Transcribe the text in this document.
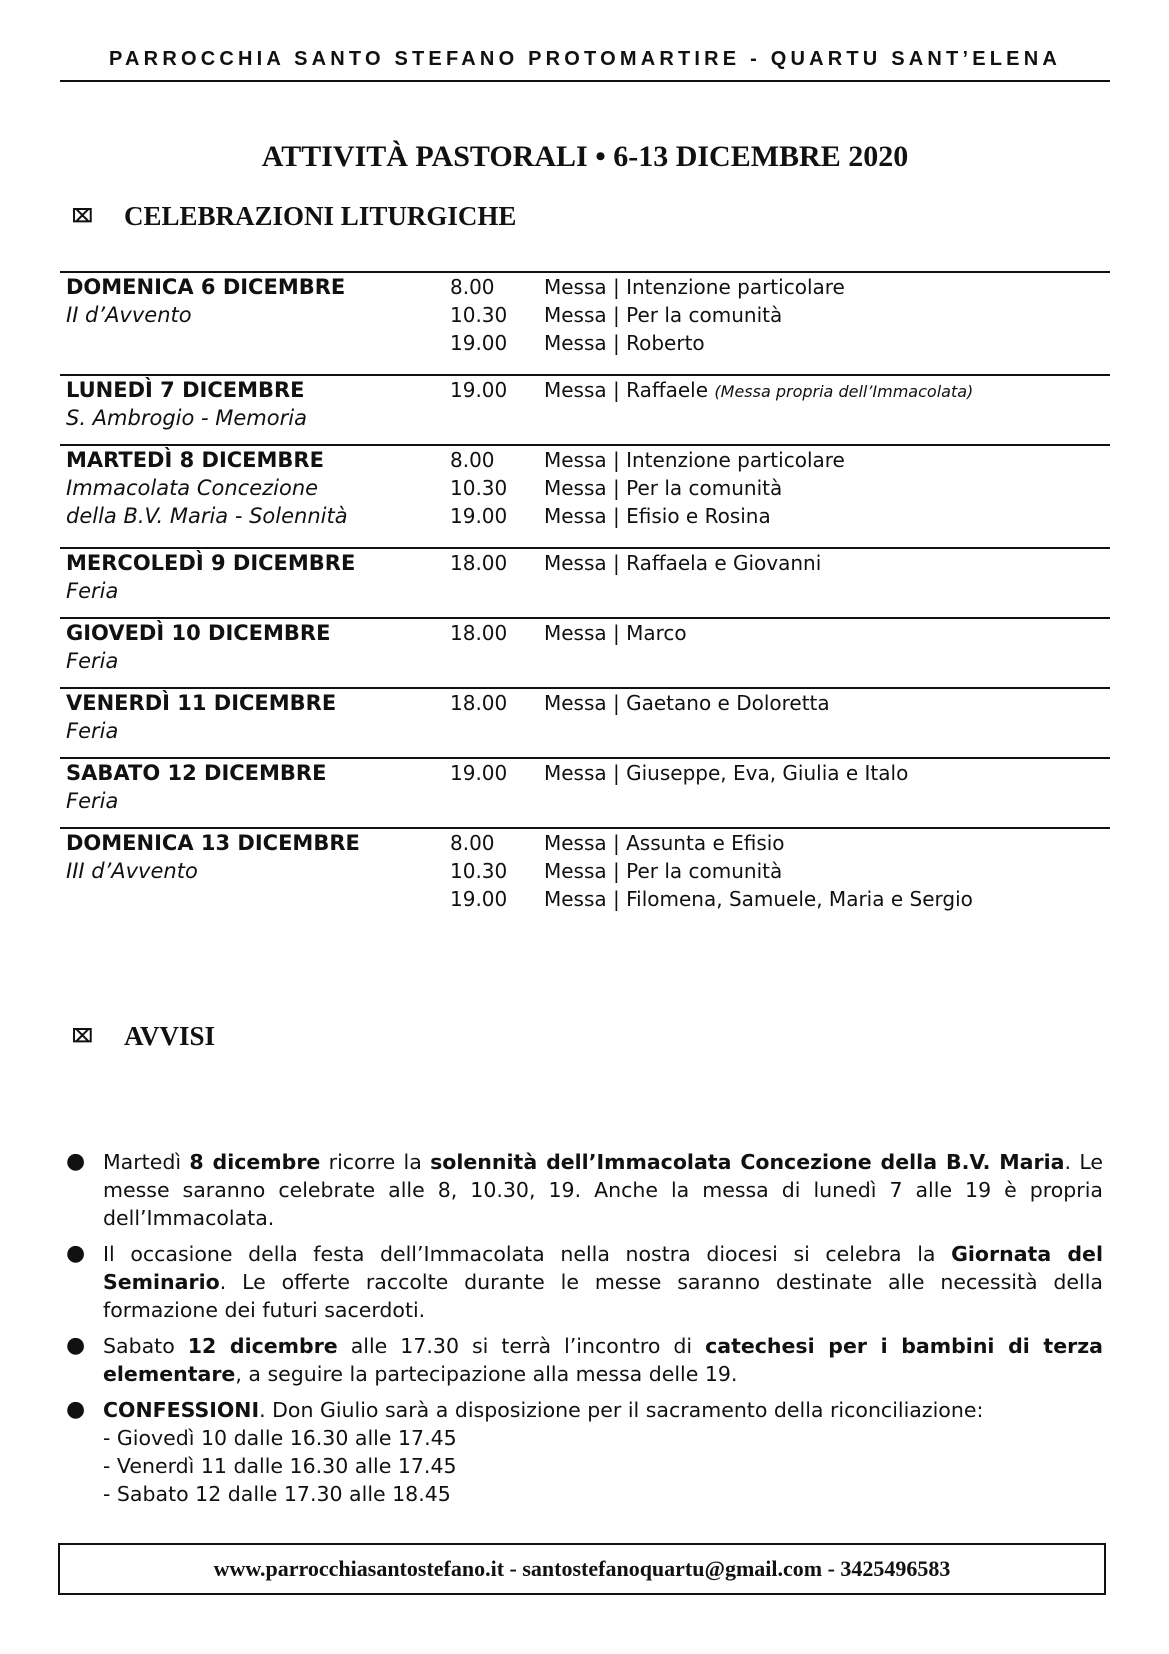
PARROCCHIA SANTO STEFANO PROTOMARTIRE - QUARTU SANT’ELENA
ATTIVITÀ PASTORALI • 6-13 DICEMBRE 2020
⌧ CELEBRAZIONI LITURGICHE
DOMENICA 6 DICEMBRE
II d’Avvento
8.00 Messa | Intenzione particolare
10.30 Messa | Per la comunità
19.00 Messa | Roberto
LUNEDÌ 7 DICEMBRE
S. Ambrogio - Memoria
19.00 Messa | Raffaele (Messa propria dell’Immacolata)
MARTEDÌ 8 DICEMBRE
Immacolata Concezione
della B.V. Maria - Solennità
8.00 Messa | Intenzione particolare
10.30 Messa | Per la comunità
19.00 Messa | Efisio e Rosina
MERCOLEDÌ 9 DICEMBRE
Feria
18.00 Messa | Raffaela e Giovanni
GIOVEDÌ 10 DICEMBRE
Feria
18.00 Messa | Marco
VENERDÌ 11 DICEMBRE
Feria
18.00 Messa | Gaetano e Doloretta
SABATO 12 DICEMBRE
Feria
19.00 Messa | Giuseppe, Eva, Giulia e Italo
DOMENICA 13 DICEMBRE
III d’Avvento
8.00 Messa | Assunta e Efisio
10.30 Messa | Per la comunità
19.00 Messa | Filomena, Samuele, Maria e Sergio
⌧ AVVISI
● Martedì 8 dicembre ricorre la solennità dell’Immacolata Concezione della B.V. Maria. Le messe saranno celebrate alle 8, 10.30, 19. Anche la messa di lunedì 7 alle 19 è propria dell’Immacolata.
● Il occasione della festa dell’Immacolata nella nostra diocesi si celebra la Giornata del Seminario. Le offerte raccolte durante le messe saranno destinate alle necessità della formazione dei futuri sacerdoti.
● Sabato 12 dicembre alle 17.30 si terrà l’incontro di catechesi per i bambini di terza elementare, a seguire la partecipazione alla messa delle 19.
● CONFESSIONI. Don Giulio sarà a disposizione per il sacramento della riconciliazione:
- Giovedì 10 dalle 16.30 alle 17.45
- Venerdì 11 dalle 16.30 alle 17.45
- Sabato 12 dalle 17.30 alle 18.45
www.parrocchiasantostefano.it - santostefanoquartu@gmail.com - 3425496583
